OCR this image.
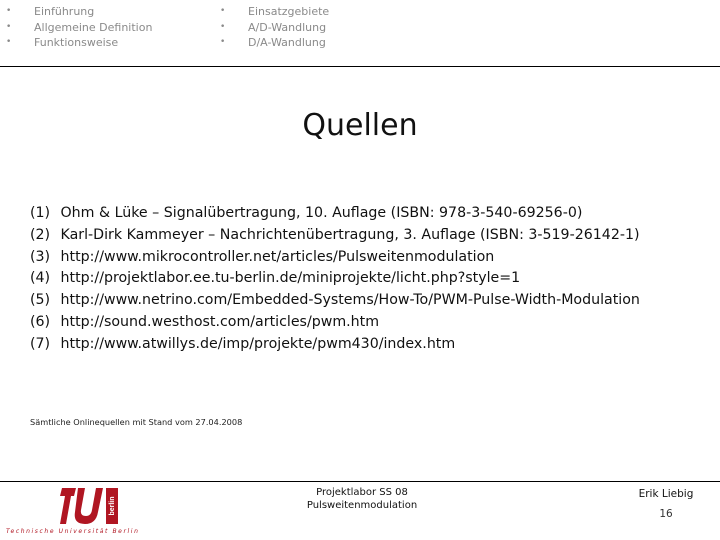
• Einführung
• Allgemeine Definition
• Funktionsweise
• Einsatzgebiete
• A/D-Wandlung
• D/A-Wandlung
Quellen
(1) Ohm & Lüke – Signalübertragung, 10. Auflage (ISBN: 978-3-540-69256-0)
(2) Karl-Dirk Kammeyer – Nachrichtenübertragung, 3. Auflage (ISBN: 3-519-26142-1)
(3) http://www.mikrocontroller.net/articles/Pulsweitenmodulation
(4) http://projektlabor.ee.tu-berlin.de/miniprojekte/licht.php?style=1
(5) http://www.netrino.com/Embedded-Systems/How-To/PWM-Pulse-Width-Modulation
(6) http://sound.westhost.com/articles/pwm.htm
(7) http://www.atwillys.de/imp/projekte/pwm430/index.htm
Sämtliche Onlinequellen mit Stand vom 27.04.2008
berlin
Technische Universität Berlin
Projektlabor SS 08
Pulsweitenmodulation
Erik Liebig
16
